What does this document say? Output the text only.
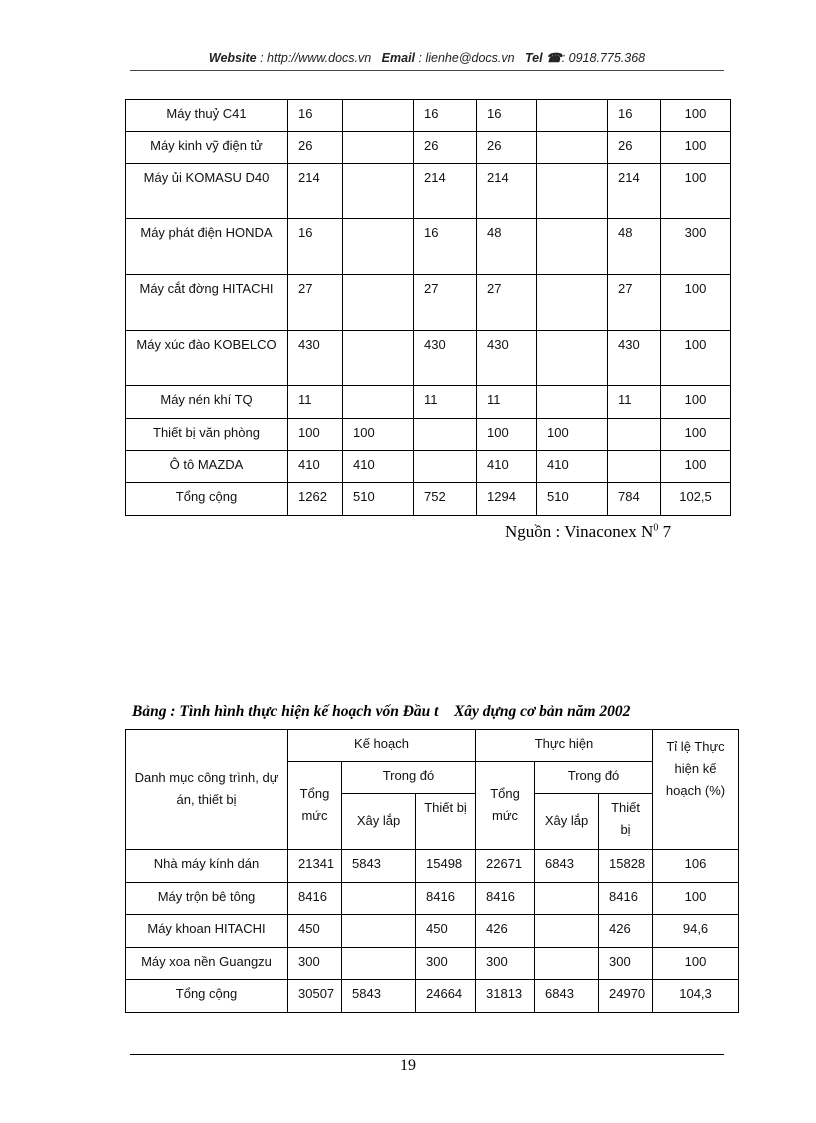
Website : http://www.docs.vn Email : lienhe@docs.vn Tel ☎: 0918.775.368
Máy thuỷ C41	16		16	16		16	100
Máy kinh vỹ điện tử	26		26	26		26	100
Máy ủi KOMASU D40	214		214	214		214	100
Máy phát điện HONDA	16		16	48		48	300
Máy cắt đờng HITACHI	27		27	27		27	100
Máy xúc đào KOBELCO	430		430	430		430	100
Máy nén khí TQ	11		11	11		11	100
Thiết bị văn phòng	100	100		100	100		100
Ô tô MAZDA	410	410		410	410		100
Tổng cộng	1262	510	752	1294	510	784	102,5
Nguồn : Vinaconex $N^0$ 7
Bảng : Tình hình thực hiện kế hoạch vốn Đầu t    Xây dựng cơ bản năm 2002
Danh mục công trình, dự án, thiết bị	Kế hoạch			Thực hiện			Tỉ lệ Thực hiện kế hoạch (%)
	Tổng mức	Trong đó		Tổng mức	Trong đó		
		Xây lắp	Thiết bị		Xây lắp	Thiết bị	
Nhà máy kính dán	21341	5843	15498	22671	6843	15828	106
Máy trộn bê tông	8416		8416	8416		8416	100
Máy khoan HITACHI	450		450	426		426	94,6
Máy xoa nền Guangzu	300		300	300		300	100
Tổng cộng	30507	5843	24664	31813	6843	24970	104,3
19
